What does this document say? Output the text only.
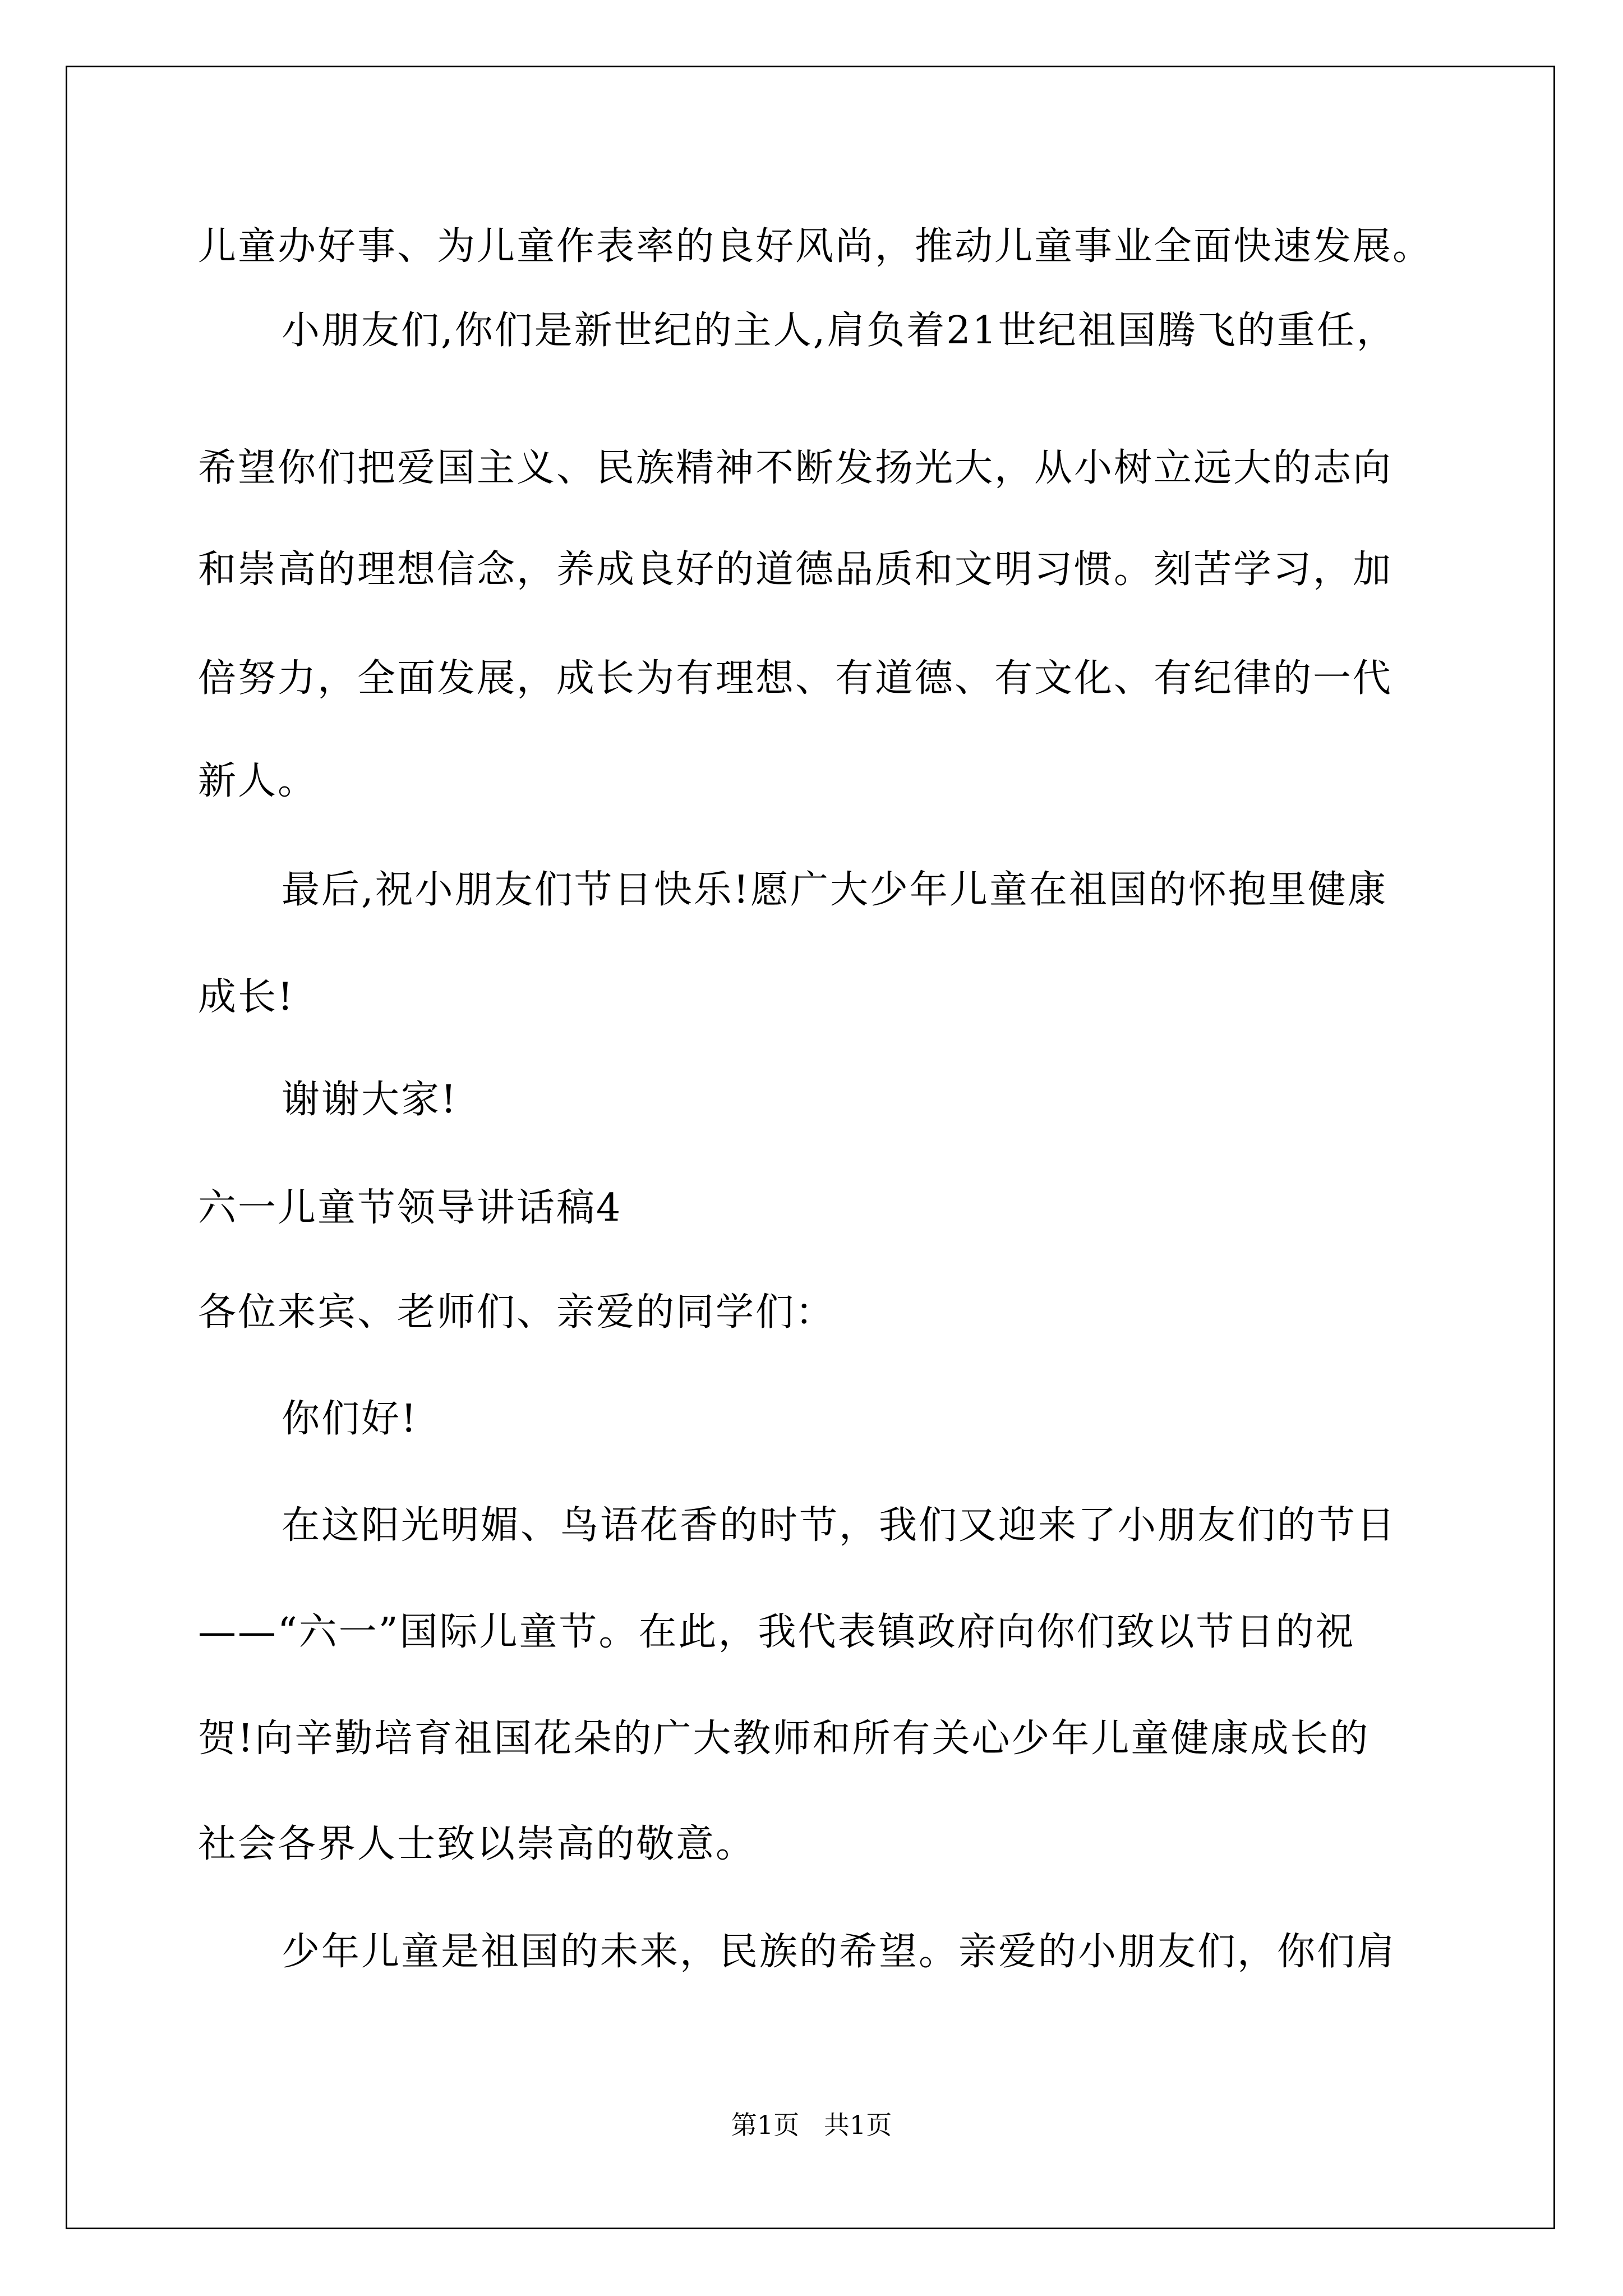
儿童办好事、为儿童作表率的良好风尚，推动儿童事业全面快速发展。
小朋友们,你们是新世纪的主人,肩负着21世纪祖国腾飞的重任，
希望你们把爱国主义、民族精神不断发扬光大，从小树立远大的志向
和崇高的理想信念，养成良好的道德品质和文明习惯。刻苦学习，加
倍努力，全面发展，成长为有理想、有道德、有文化、有纪律的一代
新人。
最后,祝小朋友们节日快乐!愿广大少年儿童在祖国的怀抱里健康
成长!
谢谢大家!
六一儿童节领导讲话稿4
各位来宾、老师们、亲爱的同学们：
你们好!
在这阳光明媚、鸟语花香的时节，我们又迎来了小朋友们的节日
——“六一”国际儿童节。在此，我代表镇政府向你们致以节日的祝
贺!向辛勤培育祖国花朵的广大教师和所有关心少年儿童健康成长的
社会各界人士致以崇高的敬意。
少年儿童是祖国的未来，民族的希望。亲爱的小朋友们，你们肩
第1页   共1页
